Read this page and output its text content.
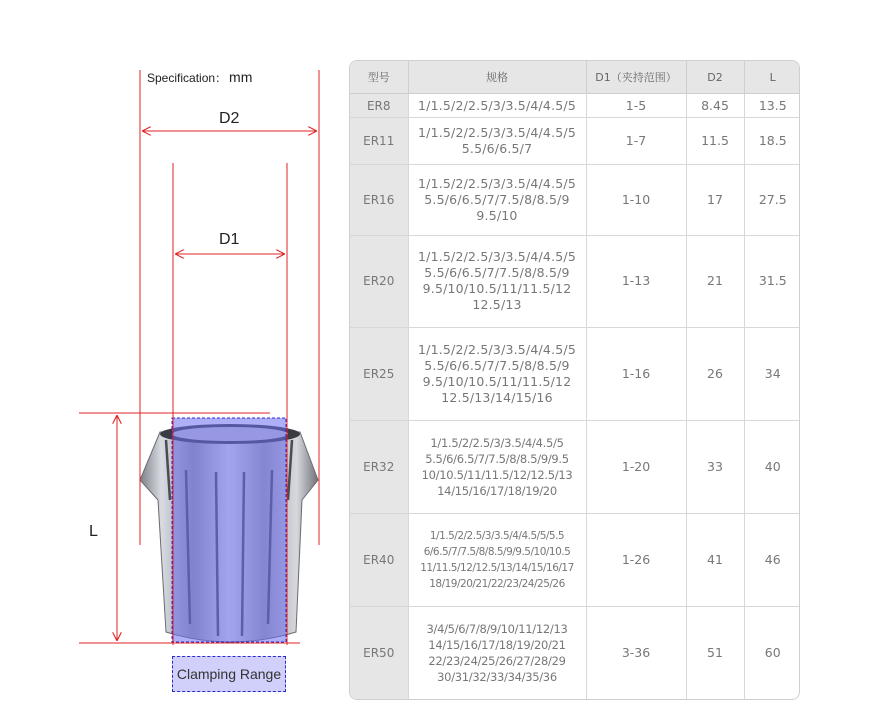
Specification： mm
D2
D1
L
Clamping Range
型号	规格	D1（夹持范围）	D2	L
ER8	1/1.5/2/2.5/3/3.5/4/4.5/5	1-5	8.45	13.5
ER11	1/1.5/2/2.5/3/3.5/4/4.5/5
5.5/6/6.5/7	1-7	11.5	18.5
ER16	1/1.5/2/2.5/3/3.5/4/4.5/5
5.5/6/6.5/7/7.5/8/8.5/9
9.5/10	1-10	17	27.5
ER20	1/1.5/2/2.5/3/3.5/4/4.5/5
5.5/6/6.5/7/7.5/8/8.5/9
9.5/10/10.5/11/11.5/12
12.5/13	1-13	21	31.5
ER25	1/1.5/2/2.5/3/3.5/4/4.5/5
5.5/6/6.5/7/7.5/8/8.5/9
9.5/10/10.5/11/11.5/12
12.5/13/14/15/16	1-16	26	34
ER32	1/1.5/2/2.5/3/3.5/4/4.5/5
5.5/6/6.5/7/7.5/8/8.5/9/9.5
10/10.5/11/11.5/12/12.5/13
14/15/16/17/18/19/20	1-20	33	40
ER40	1/1.5/2/2.5/3/3.5/4/4.5/5/5.5
6/6.5/7/7.5/8/8.5/9/9.5/10/10.5
11/11.5/12/12.5/13/14/15/16/17
18/19/20/21/22/23/24/25/26	1-26	41	46
ER50	3/4/5/6/7/8/9/10/11/12/13
14/15/16/17/18/19/20/21
22/23/24/25/26/27/28/29
30/31/32/33/34/35/36	3-36	51	60
